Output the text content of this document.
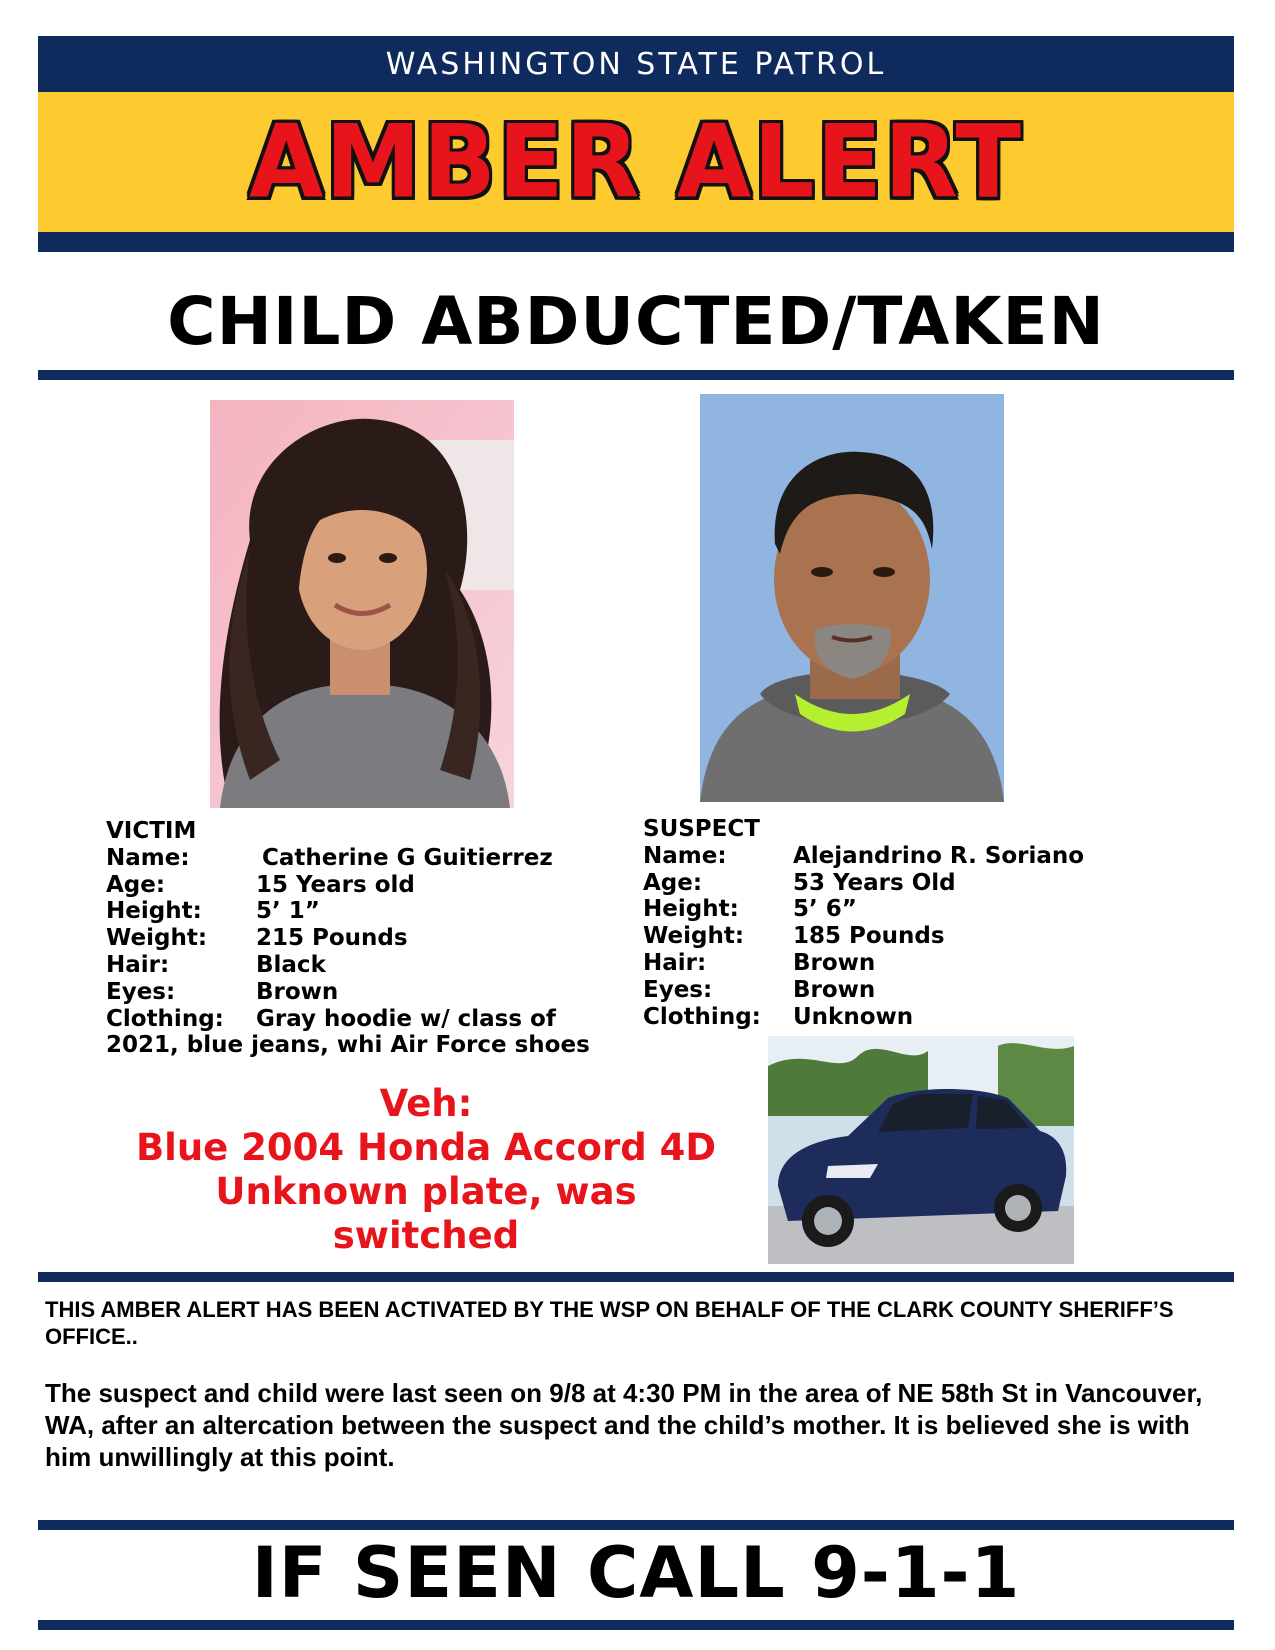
WASHINGTON STATE PATROL
AMBER ALERT
CHILD ABDUCTED/TAKEN
VICTIM
Name:	Catherine G Guitierrez
Age:	15 Years old
Height:	5’ 1”
Weight:	215 Pounds
Hair:	Black
Eyes:	Brown
Clothing:	Gray hoodie w/ class of
2021, blue jeans, whi Air Force shoes
SUSPECT
Name:	Alejandrino R. Soriano
Age:	53 Years Old
Height:	5’ 6”
Weight:	185 Pounds
Hair:	Brown
Eyes:	Brown
Clothing:	Unknown
Veh:
Blue 2004 Honda Accord 4D
Unknown plate, was
switched
THIS AMBER ALERT HAS BEEN ACTIVATED BY THE WSP ON BEHALF OF THE CLARK COUNTY SHERIFF’S OFFICE..
The suspect and child were last seen on 9/8 at 4:30 PM in the area of NE 58th St in Vancouver, WA, after an altercation between the suspect and the child’s mother. It is believed she is with him unwillingly at this point.
IF SEEN CALL 9-1-1
